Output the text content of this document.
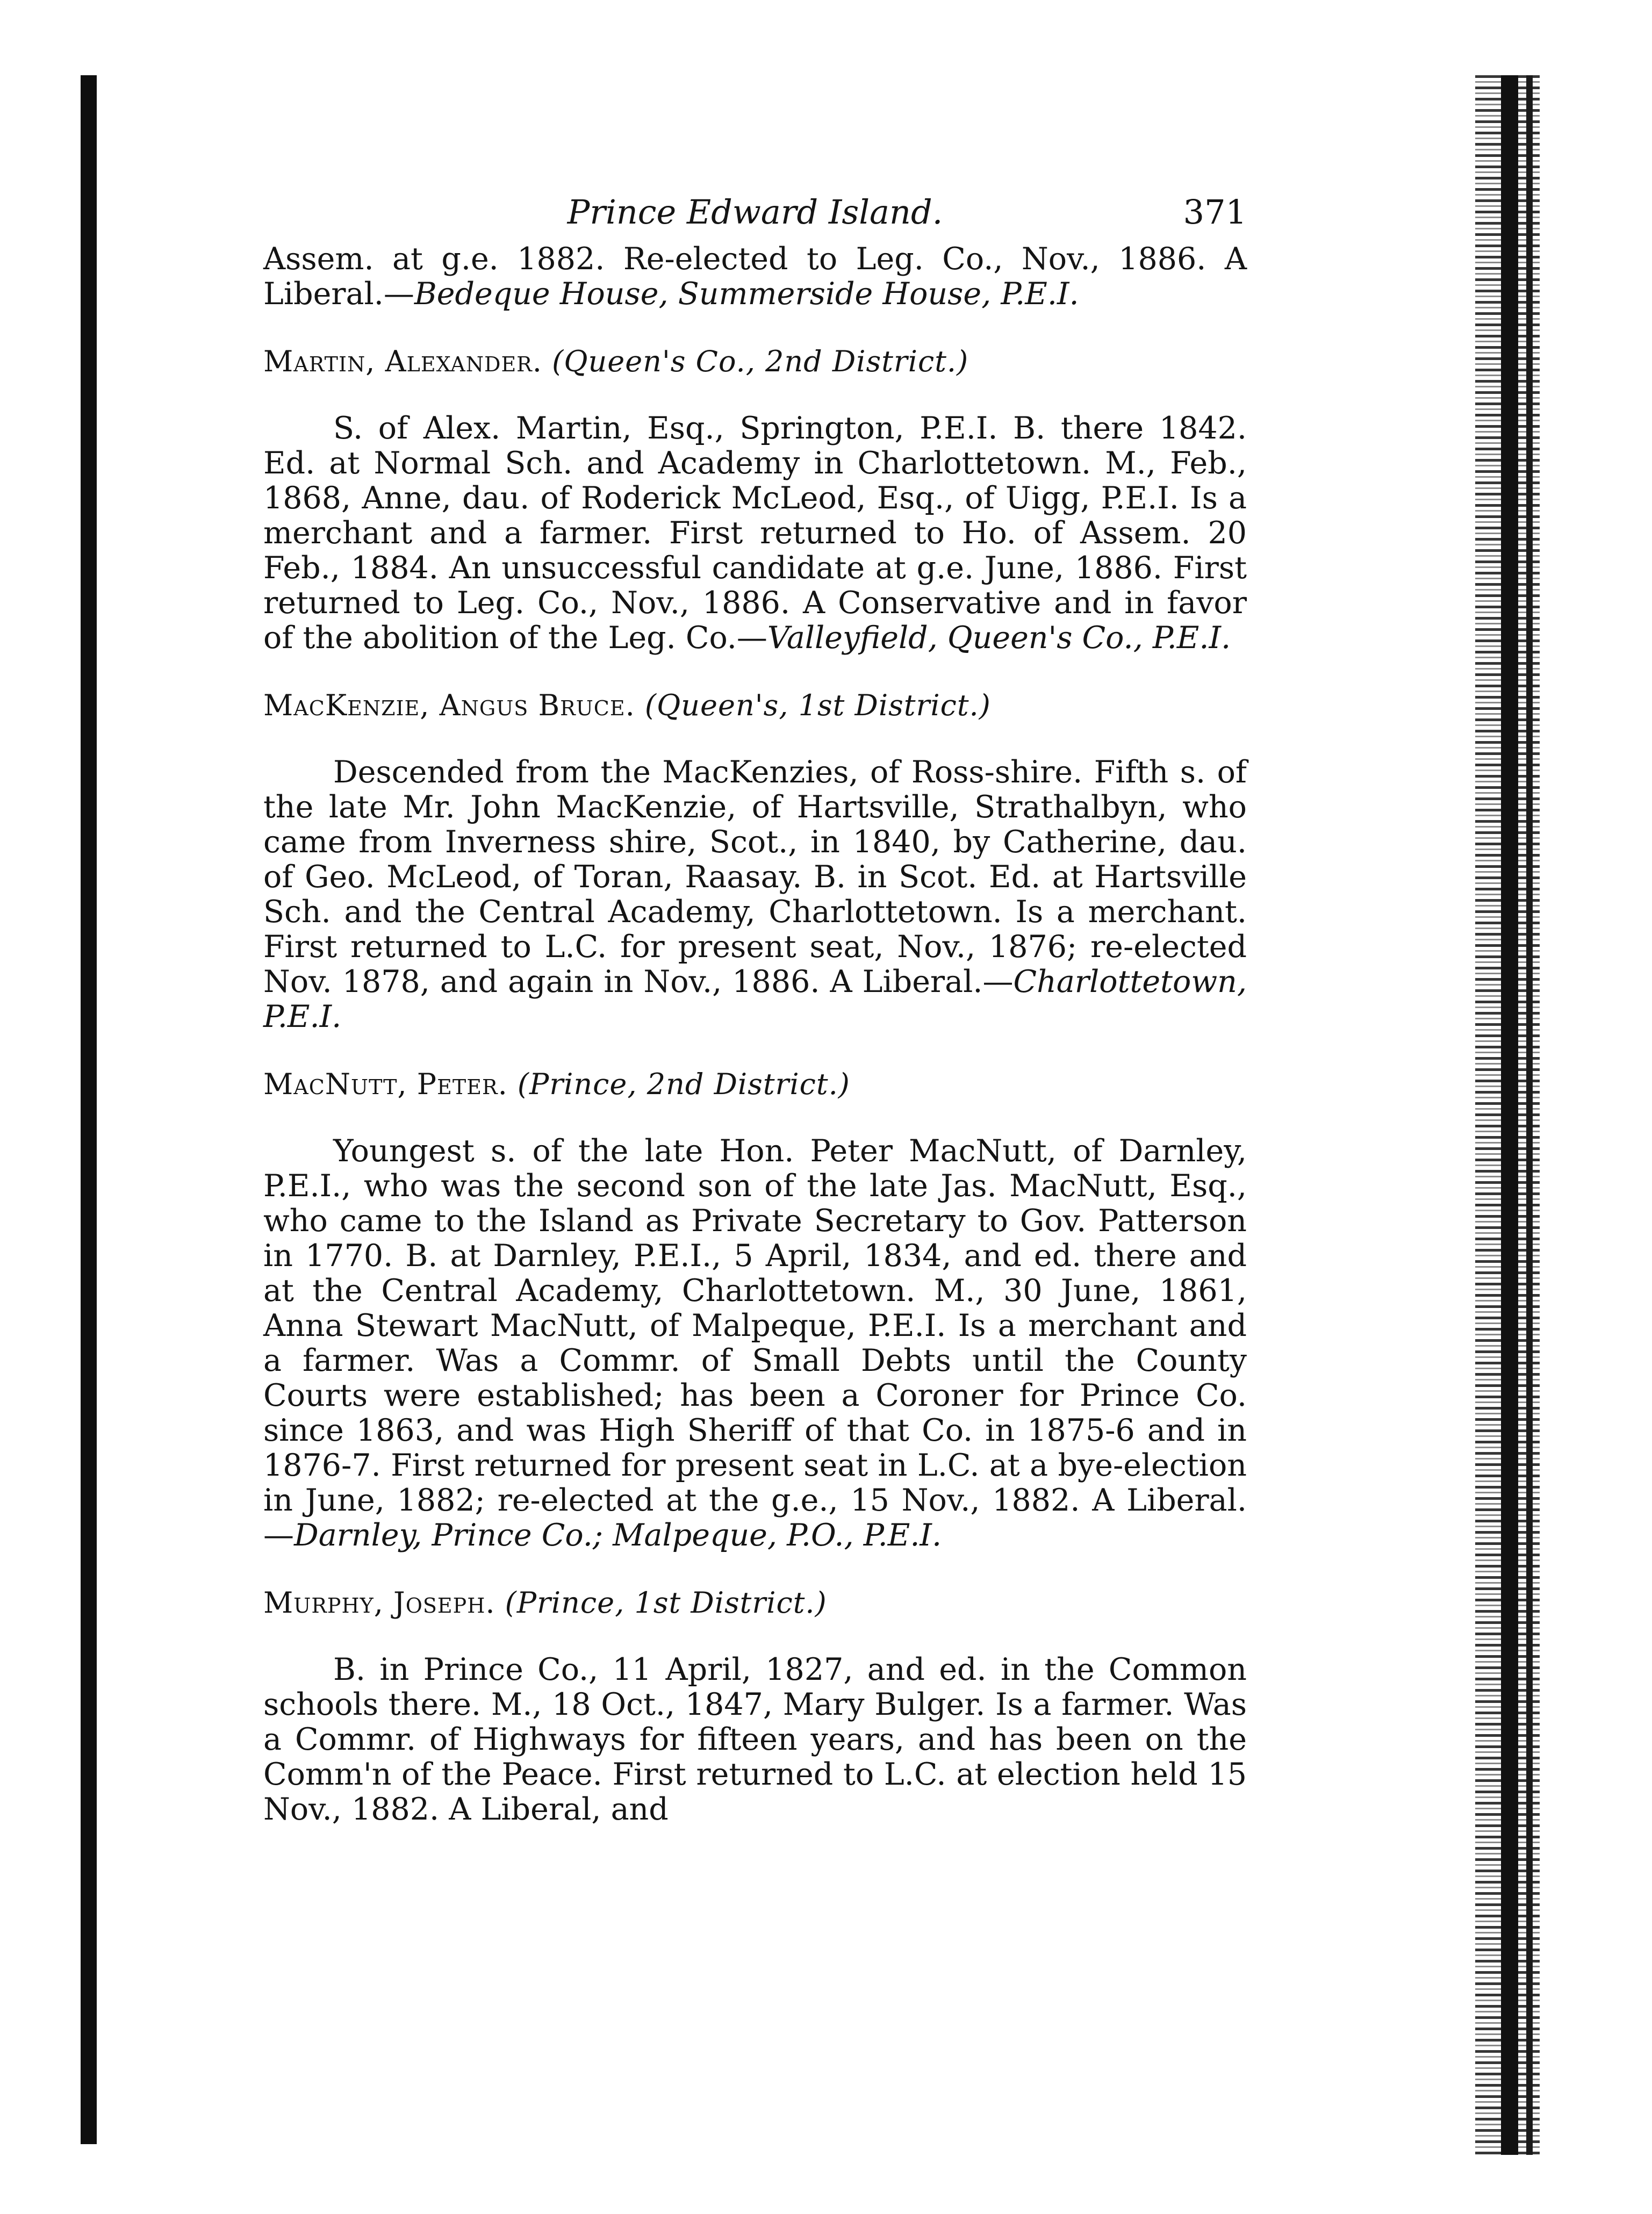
Prince Edward Island.	371

Assem. at g.e. 1882. Re-elected to Leg. Co., Nov., 1886. A Liberal.—Bedeque House, Summerside House, P.E.I.

Martin, Alexander. (Queen's Co., 2nd District.)

S. of Alex. Martin, Esq., Springton, P.E.I. B. there 1842. Ed. at Normal Sch. and Academy in Charlottetown. M., Feb., 1868, Anne, dau. of Roderick McLeod, Esq., of Uigg, P.E.I. Is a merchant and a farmer. First returned to Ho. of Assem. 20 Feb., 1884. An unsuccessful candidate at g.e. June, 1886. First returned to Leg. Co., Nov., 1886. A Conservative and in favor of the abolition of the Leg. Co.—Valleyfield, Queen's Co., P.E.I.

MacKenzie, Angus Bruce. (Queen's, 1st District.)

Descended from the MacKenzies, of Ross-shire. Fifth s. of the late Mr. John MacKenzie, of Hartsville, Strathalbyn, who came from Inverness shire, Scot., in 1840, by Catherine, dau. of Geo. McLeod, of Toran, Raasay. B. in Scot. Ed. at Hartsville Sch. and the Central Academy, Charlottetown. Is a merchant. First returned to L.C. for present seat, Nov., 1876; re-elected Nov. 1878, and again in Nov., 1886. A Liberal.—Charlottetown, P.E.I.

MacNutt, Peter. (Prince, 2nd District.)

Youngest s. of the late Hon. Peter MacNutt, of Darnley, P.E.I., who was the second son of the late Jas. MacNutt, Esq., who came to the Island as Private Secretary to Gov. Patterson in 1770. B. at Darnley, P.E.I., 5 April, 1834, and ed. there and at the Central Academy, Charlottetown. M., 30 June, 1861, Anna Stewart MacNutt, of Malpeque, P.E.I. Is a merchant and a farmer. Was a Commr. of Small Debts until the County Courts were established; has been a Coroner for Prince Co. since 1863, and was High Sheriff of that Co. in 1875-6 and in 1876-7. First returned for present seat in L.C. at a bye-election in June, 1882; re-elected at the g.e., 15 Nov., 1882. A Liberal.—Darnley, Prince Co.; Malpeque, P.O., P.E.I.

Murphy, Joseph. (Prince, 1st District.)

B. in Prince Co., 11 April, 1827, and ed. in the Common schools there. M., 18 Oct., 1847, Mary Bulger. Is a farmer. Was a Commr. of Highways for fifteen years, and has been on the Comm'n of the Peace. First returned to L.C. at election held 15 Nov., 1882. A Liberal, and
